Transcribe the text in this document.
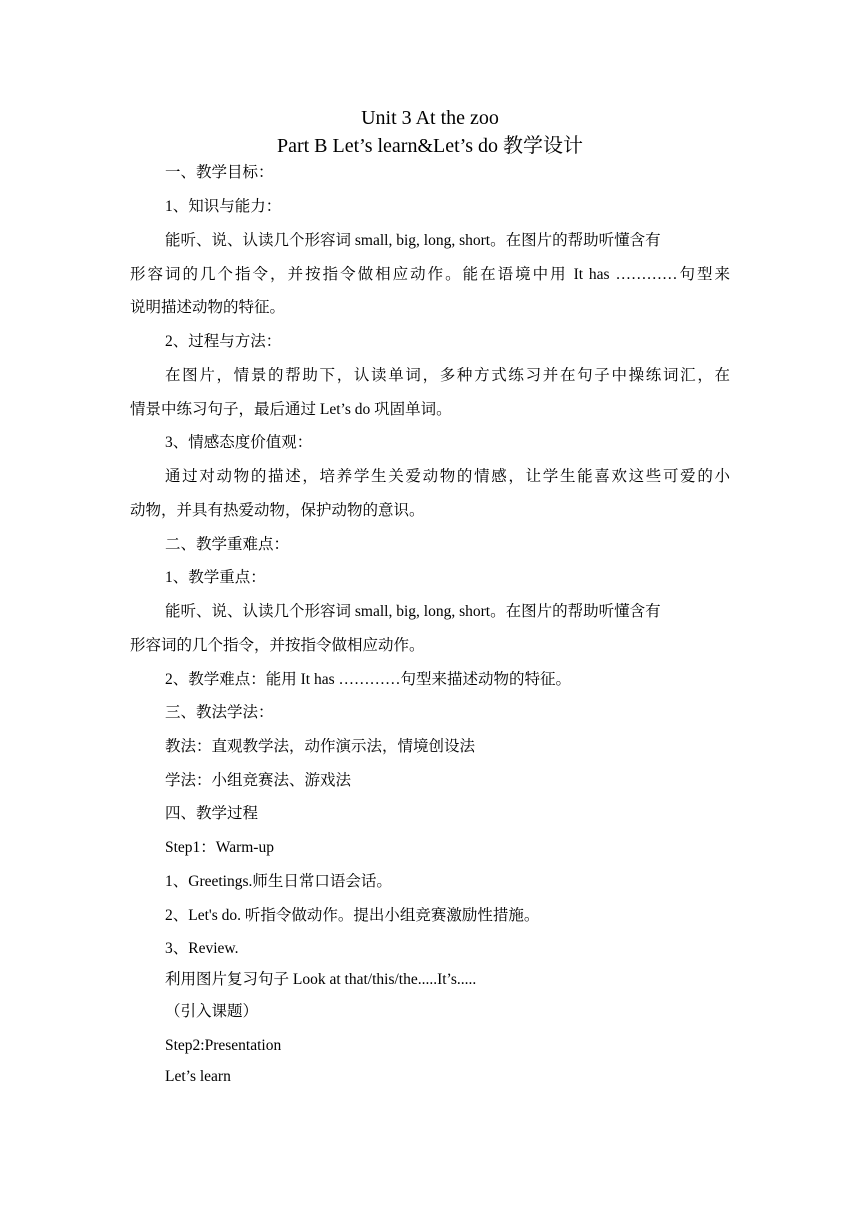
Unit 3 At the zoo
Part B Let’s learn&Let’s do 教学设计
一、教学目标：
1、知识与能力：
能听、说、认读几个形容词 small, big, long, short。在图片的帮助听懂含有
形容词的几个指令，并按指令做相应动作。能在语境中用 It has …………句型来
说明描述动物的特征。
2、过程与方法：
在图片，情景的帮助下，认读单词，多种方式练习并在句子中操练词汇，在
情景中练习句子，最后通过 Let’s do 巩固单词。
3、情感态度价值观：
通过对动物的描述，培养学生关爱动物的情感，让学生能喜欢这些可爱的小
动物，并具有热爱动物，保护动物的意识。
二、教学重难点：
1、教学重点：
能听、说、认读几个形容词 small, big, long, short。在图片的帮助听懂含有
形容词的几个指令，并按指令做相应动作。
2、教学难点：能用 It has …………句型来描述动物的特征。
三、教法学法：
教法：直观教学法，动作演示法，情境创设法
学法：小组竞赛法、游戏法
四、教学过程
Step1：Warm-up
1、Greetings.师生日常口语会话。
2、Let's do. 听指令做动作。提出小组竞赛激励性措施。
3、Review.
利用图片复习句子 Look at that/this/the.....It’s.....
（引入课题）
Step2:Presentation
Let’s learn
